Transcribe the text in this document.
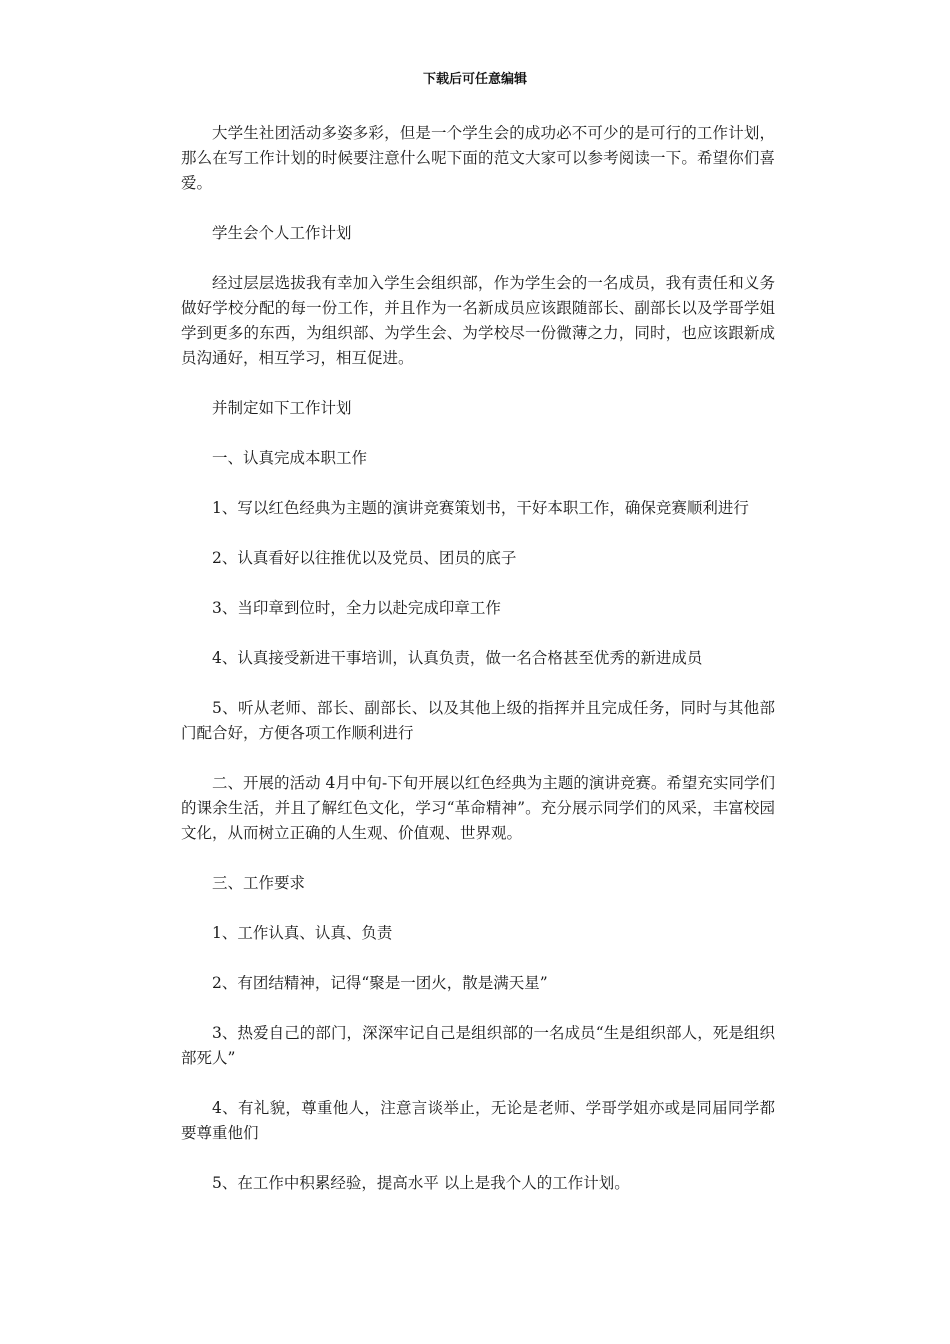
下载后可任意编辑

大学生社团活动多姿多彩，但是一个学生会的成功必不可少的是可行的工作计划，那么在写工作计划的时候要注意什么呢下面的范文大家可以参考阅读一下。希望你们喜爱。

学生会个人工作计划

经过层层选拔我有幸加入学生会组织部，作为学生会的一名成员，我有责任和义务做好学校分配的每一份工作，并且作为一名新成员应该跟随部长、副部长以及学哥学姐学到更多的东西，为组织部、为学生会、为学校尽一份微薄之力，同时，也应该跟新成员沟通好，相互学习，相互促进。

并制定如下工作计划

一、认真完成本职工作

1、写以红色经典为主题的演讲竞赛策划书，干好本职工作，确保竞赛顺利进行

2、认真看好以往推优以及党员、团员的底子

3、当印章到位时，全力以赴完成印章工作

4、认真接受新进干事培训，认真负责，做一名合格甚至优秀的新进成员

5、听从老师、部长、副部长、以及其他上级的指挥并且完成任务，同时与其他部门配合好，方便各项工作顺利进行

二、开展的活动 4月中旬-下旬开展以红色经典为主题的演讲竞赛。希望充实同学们的课余生活，并且了解红色文化，学习“革命精神”。充分展示同学们的风采，丰富校园文化，从而树立正确的人生观、价值观、世界观。

三、工作要求

1、工作认真、认真、负责

2、有团结精神，记得“聚是一团火，散是满天星”

3、热爱自己的部门，深深牢记自己是组织部的一名成员“生是组织部人，死是组织部死人”

4、有礼貌，尊重他人，注意言谈举止，无论是老师、学哥学姐亦或是同届同学都要尊重他们

5、在工作中积累经验，提高水平 以上是我个人的工作计划。
